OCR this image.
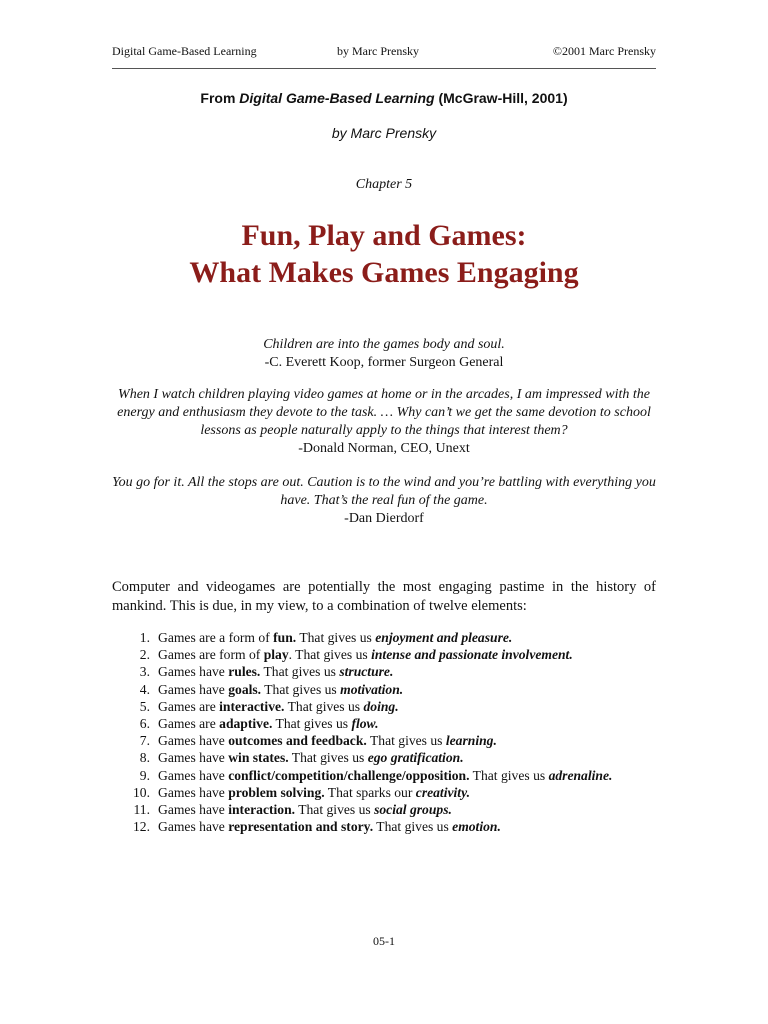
Digital Game-Based Learning	by Marc Prensky	©2001 Marc Prensky
From Digital Game-Based Learning (McGraw-Hill, 2001)
by Marc Prensky
Chapter 5
Fun, Play and Games:
What Makes Games Engaging
Children are into the games body and soul.
-C. Everett Koop, former Surgeon General
When I watch children playing video games at home or in the arcades, I am impressed with the energy and enthusiasm they devote to the task. … Why can’t we get the same devotion to school lessons as people naturally apply to the things that interest them?
-Donald Norman, CEO, Unext
You go for it. All the stops are out. Caution is to the wind and you’re battling with everything you have. That’s the real fun of the game.
-Dan Dierdorf
Computer and videogames are potentially the most engaging pastime in the history of mankind. This is due, in my view, to a combination of twelve elements:
1. Games are a form of fun. That gives us enjoyment and pleasure.
2. Games are form of play. That gives us intense and passionate involvement.
3. Games have rules. That gives us structure.
4. Games have goals. That gives us motivation.
5. Games are interactive. That gives us doing.
6. Games are adaptive. That gives us flow.
7. Games have outcomes and feedback. That gives us learning.
8. Games have win states. That gives us ego gratification.
9. Games have conflict/competition/challenge/opposition. That gives us adrenaline.
10. Games have problem solving. That sparks our creativity.
11. Games have interaction. That gives us social groups.
12. Games have representation and story. That gives us emotion.
05-1
